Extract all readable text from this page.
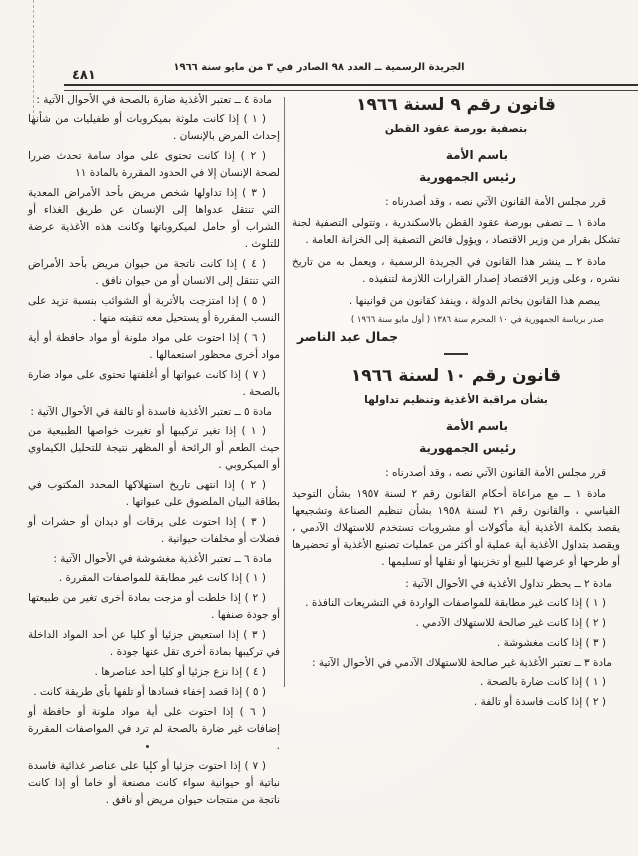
الجريدة الرسمية ــ العدد ٩٨ الصادر في ٣ من مايو سنة ١٩٦٦
٤٨١
قانون رقم ٩ لسنة ١٩٦٦
بتصفية بورصة عقود القطن
باسم الأمة
رئيس الجمهورية

قرر مجلس الأمة القانون الآتي نصه ، وقد أصدرناه :

مادة ١ ــ تصفى بورصة عقود القطن بالاسكندرية ، وتتولى التصفية لجنة تشكل بقرار من وزير الاقتصاد ، ويؤول فائض التصفية إلى الخزانة العامة .

مادة ٢ ــ ينشر هذا القانون في الجريدة الرسمية ، ويعمل به من تاريخ نشره ، وعلى وزير الاقتصاد إصدار القرارات اللازمة لتنفيذه .

يبصم هذا القانون بخاتم الدولة ، وينفذ كقانون من قوانينها .

صدر برياسة الجمهورية في ١٠ المحرم سنة ١٣٨٦ ( أول مايو سنة ١٩٦٦ )

جمال عبد الناصر
قانون رقم ١٠ لسنة ١٩٦٦
بشأن مراقبة الأغذية وتنظيم تداولها
باسم الأمة
رئيس الجمهورية

قرر مجلس الأمة القانون الآتي نصه ، وقد أصدرناه :

مادة ١ ــ مع مراعاة أحكام القانون رقم ٢ لسنة ١٩٥٧ بشأن التوحيد القياسي ، والقانون رقم ٢١ لسنة ١٩٥٨ بشأن تنظيم الصناعة وتشجيعها يقصد بكلمة الأغذية أية مأكولات أو مشروبات تستخدم للاستهلاك الآدمي ، ويقصد بتداول الأغذية أية عملية أو أكثر من عمليات تصنيع الأغذية أو تحضيرها أو طرحها أو عرضها للبيع أو تخزينها أو نقلها أو تسليمها .

مادة ٢ ــ يحظر تداول الأغذية في الأحوال الآتية :

( ١ ) إذا كانت غير مطابقة للمواصفات الواردة في التشريعات النافذة .

( ٢ ) إذا كانت غير صالحة للاستهلاك الآدمي .

( ٣ ) إذا كانت مغشوشة .

مادة ٣ ــ تعتبر الأغذية غير صالحة للاستهلاك الآدمي في الأحوال الآتية :

( ١ ) إذا كانت ضارة بالصحة .

( ٢ ) إذا كانت فاسدة أو تالفة .

مادة ٤ ــ تعتبر الأغذية ضارة بالصحة في الأحوال الآتية :

( ١ ) إذا كانت ملوثة بميكروبات أو طفيليات من شأنها إحداث المرض بالإنسان .

( ٢ ) إذا كانت تحتوى على مواد سامة تحدث ضررا لصحة الإنسان إلا في الحدود المقررة بالمادة ١١

( ٣ ) إذا تداولها شخص مريض بأحد الأمراض المعدية التي تنتقل عدواها إلى الإنسان عن طريق الغذاء أو الشراب أو حامل لميكروباتها وكانت هذه الأغذية عرضة للتلوث .

( ٤ ) إذا كانت ناتجة من حيوان مريض بأحد الأمراض التي تنتقل إلى الانسان أو من حيوان نافق .

( ٥ ) إذا امتزجت بالأتربة أو الشوائب بنسبة تزيد على النسب المقررة أو يستحيل معه تنقيته منها .

( ٦ ) إذا احتوت على مواد ملونة أو مواد حافظة أو أية مواد أخرى محظور استعمالها .

( ٧ ) إذا كانت عبواتها أو أغلفتها تحتوى على مواد ضارة بالصحة .

مادة ٥ ــ تعتبر الأغذية فاسدة أو تالفة في الأحوال الآتية :

( ١ ) إذا تغير تركيبها أو تغيرت خواصها الطبيعية من حيث الطعم أو الرائحة أو المظهر نتيجة للتحليل الكيماوي أو الميكروبي .

( ٢ ) إذا انتهى تاريخ استهلاكها المحدد المكتوب في بطاقة البيان الملصوق على عبواتها .

( ٣ ) إذا احتوت على يرقات أو ديدان أو حشرات أو فضلات أو مخلفات حيوانية .

مادة ٦ ــ تعتبر الأغذية مغشوشة في الأحوال الآتية :

( ١ ) إذا كانت غير مطابقة للمواصفات المقررة .

( ٢ ) إذا خلطت أو مزجت بمادة أخرى تغير من طبيعتها أو جودة صنفها .

( ٣ ) إذا استعيض جزئيا أو كليا عن أحد المواد الداخلة في تركيبها بمادة أخرى تقل عنها جودة .

( ٤ ) إذا نزع جزئيا أو كليا أحد عناصرها .

( ٥ ) إذا قصد إخفاء فسادها أو تلفها بأى طريقة كانت .

( ٦ ) إذا احتوت على أية مواد ملونة أو حافظة أو إضافات غير ضارة بالصحة لم ترد في المواصفات المقررة .

( ٧ ) إذا احتوت جزئيا أو كليا على عناصر غذائية فاسدة نباتية أو حيوانية سواء كانت مصنعة أو خاما أو إذا كانت ناتجة من منتجات حيوان مريض أو نافق .
